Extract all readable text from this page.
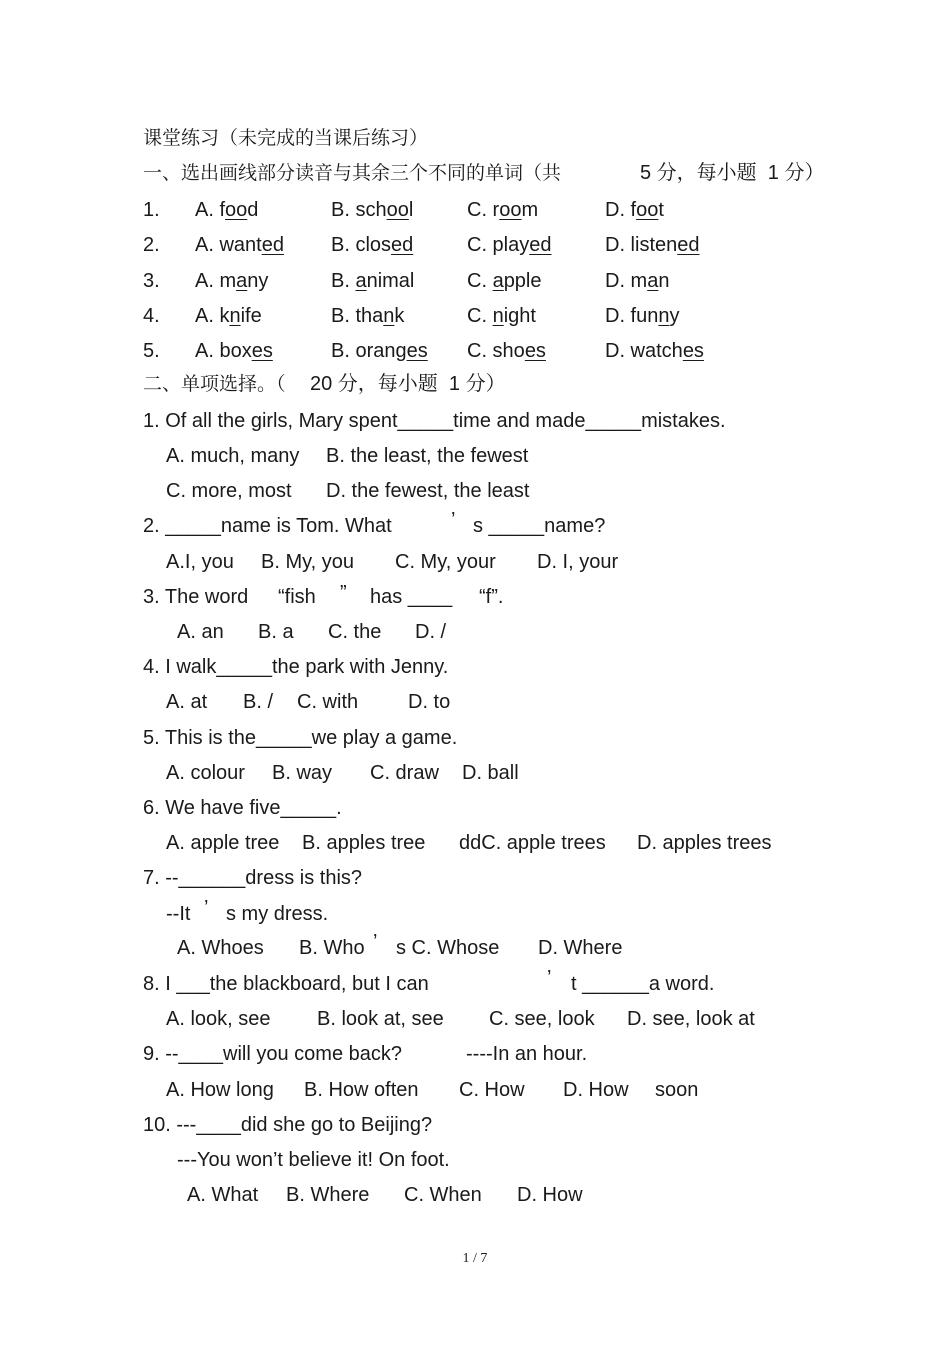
课堂练习（未完成的当课后练习）
一、选出画线部分读音与其余三个不同的单词（共	5 分，每小题  1 分）
1. A. food	B. school	C. room	D. foot
2. A. wanted B. closed	C. played	D. listened
3. A. many	B. animal	C. apple	D. man
4. A. knife	B. thank	C. night	D. funny
5. A. boxes	B. oranges C. shoes	D. watches
二、单项选择。（ 20 分，每小题  1 分）
1. Of all the girls, Mary spent_____time and made_____mistakes.
A. much, many B. the least, the fewest
C. more, most D. the fewest, the least
2. _____name is Tom. What	’ s _____name?
A.I, you B. My, you C. My, your D. I, your
3. The word “fish ” has ____ “f”.
A. an B. a C. the D. /
4. I walk_____the park with Jenny.
A. at B. / C. with D. to
5. This is the_____we play a game.
A. colour B. way C. draw D. ball
6. We have five_____.
A. apple tree B. apples tree ddC. apple trees D. apples trees
7. --______dress is this?
--It ’ s my dress.
A. Whoes B. Who ’ s C. Whose D. Where
8. I ___the blackboard, but I can	’ t ______a word.
A. look, see B. look at, see C. see, look D. see, look at
9. --____will you come back?	----In an hour.
A. How long B. How often C. How D. How soon
10. ---____did she go to Beijing?
---You won’t believe it! On foot.
A. What B. Where C. When D. How
1 / 7
